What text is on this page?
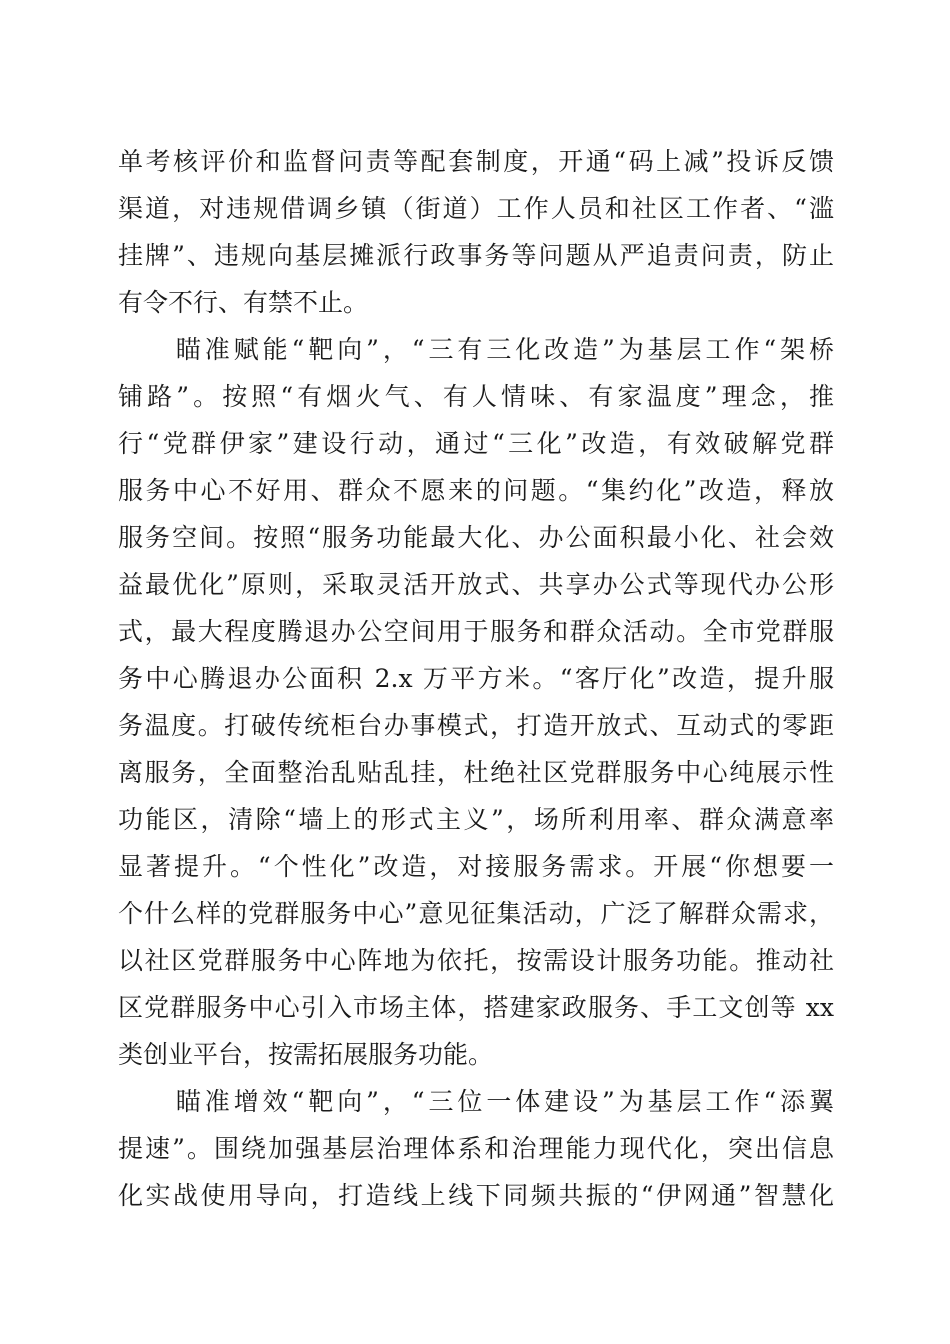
单考核评价和监督问责等配套制度，开通“码上减”投诉反馈
渠道，对违规借调乡镇（街道）工作人员和社区工作者、“滥
挂牌”、违规向基层摊派行政事务等问题从严追责问责，防止
有令不行、有禁不止。
　　瞄准赋能“靶向”，“三有三化改造”为基层工作“架桥
铺路”。按照“有烟火气、有人情味、有家温度”理念，推
行“党群伊家”建设行动，通过“三化”改造，有效破解党群
服务中心不好用、群众不愿来的问题。“集约化”改造，释放
服务空间。按照“服务功能最大化、办公面积最小化、社会效
益最优化”原则，采取灵活开放式、共享办公式等现代办公形
式，最大程度腾退办公空间用于服务和群众活动。全市党群服
务中心腾退办公面积 2.x 万平方米。“客厅化”改造，提升服
务温度。打破传统柜台办事模式，打造开放式、互动式的零距
离服务，全面整治乱贴乱挂，杜绝社区党群服务中心纯展示性
功能区，清除“墙上的形式主义”，场所利用率、群众满意率
显著提升。“个性化”改造，对接服务需求。开展“你想要一
个什么样的党群服务中心”意见征集活动，广泛了解群众需求，
以社区党群服务中心阵地为依托，按需设计服务功能。推动社
区党群服务中心引入市场主体，搭建家政服务、手工文创等 xx
类创业平台，按需拓展服务功能。
　　瞄准增效“靶向”，“三位一体建设”为基层工作“添翼
提速”。围绕加强基层治理体系和治理能力现代化，突出信息
化实战使用导向，打造线上线下同频共振的“伊网通”智慧化
